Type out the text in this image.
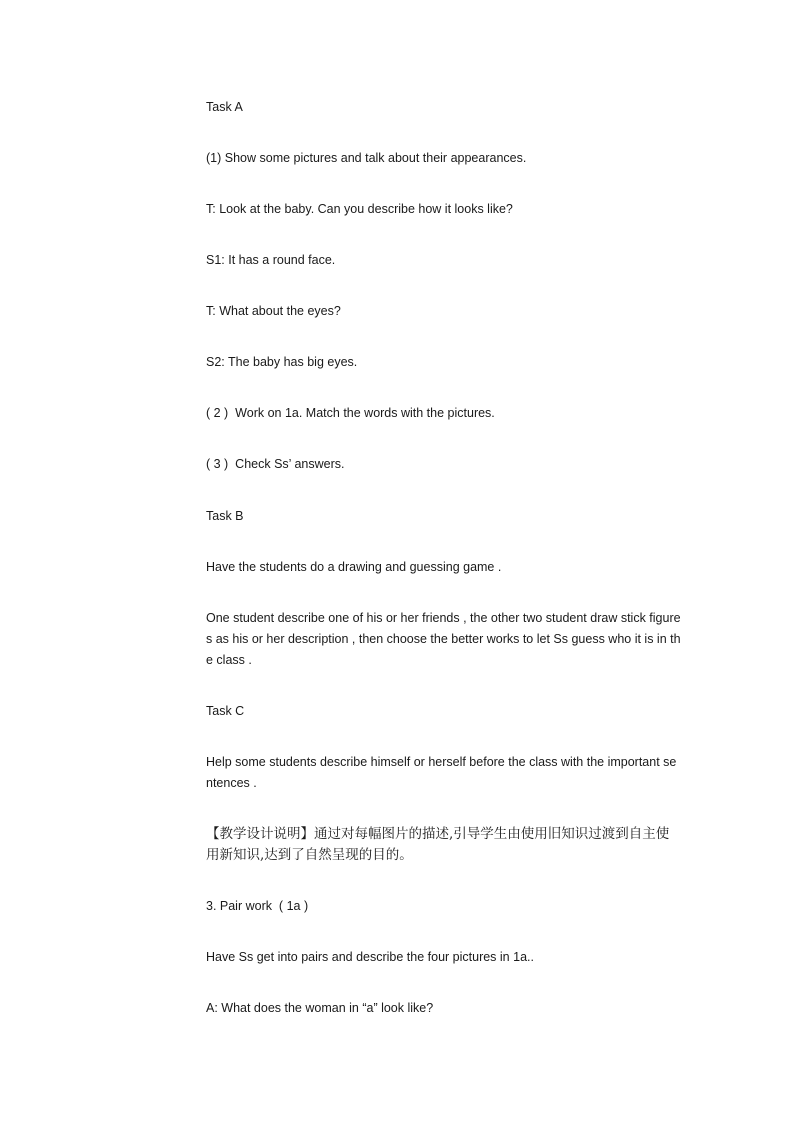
Task A

(1) Show some pictures and talk about their appearances.

T: Look at the baby. Can you describe how it looks like?

S1: It has a round face.

T: What about the eyes?

S2: The baby has big eyes.

( 2 )  Work on 1a. Match the words with the pictures.

( 3 )  Check Ss’ answers.

Task B

Have the students do a drawing and guessing game .

One student describe one of his or her friends , the other two student draw stick figures as his or her description , then choose the better works to let Ss guess who it is in the class .

Task C

Help some students describe himself or herself before the class with the important sentences .

【教学设计说明】通过对每幅图片的描述,引导学生由使用旧知识过渡到自主使用新知识,达到了自然呈现的目的。

3. Pair work  ( 1a )

Have Ss get into pairs and describe the four pictures in 1a..

A: What does the woman in “a” look like?
